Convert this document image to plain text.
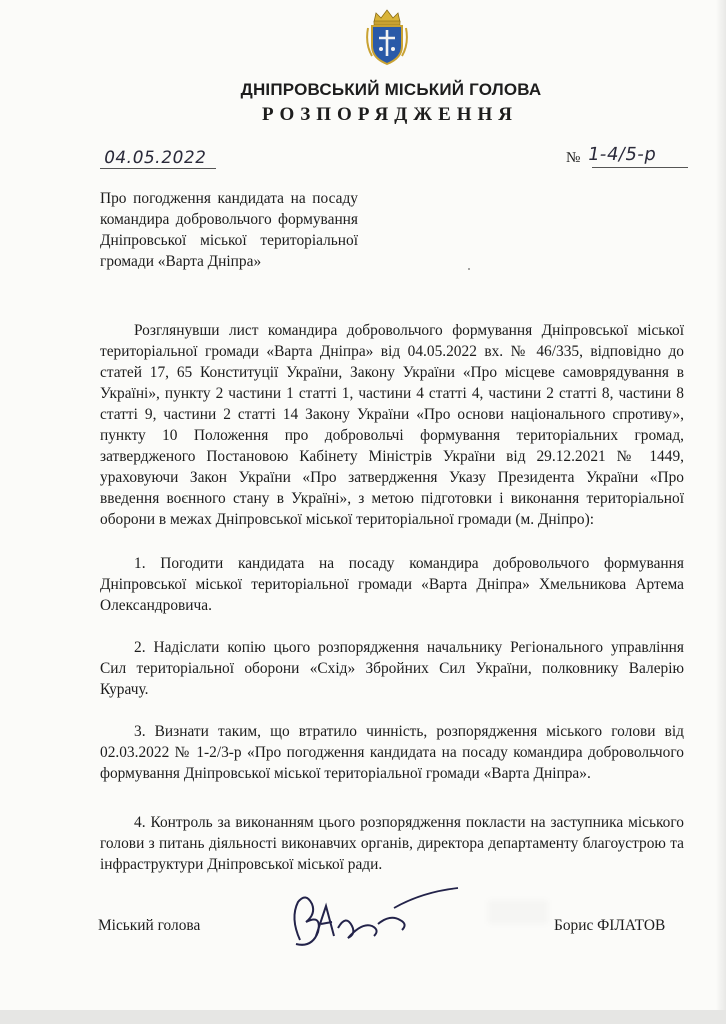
ДНІПРОВСЬКИЙ МІСЬКИЙ ГОЛОВА
РОЗПОРЯДЖЕННЯ
04.05.2022	№ 1-4/5-р
Про погодження кандидата на посаду командира добровольчого формування Дніпровської міської територіальної громади «Варта Дніпра»

Розглянувши лист командира добровольчого формування Дніпровської міської територіальної громади «Варта Дніпра» від 04.05.2022 вх. № 46/335, відповідно до статей 17, 65 Конституції України, Закону України «Про місцеве самоврядування в Україні», пункту 2 частини 1 статті 1, частини 4 статті 4, частини 2 статті 8, частини 8 статті 9, частини 2 статті 14 Закону України «Про основи національного спротиву», пункту 10 Положення про добровольчі формування територіальних громад, затвердженого Постановою Кабінету Міністрів України від 29.12.2021 № 1449, ураховуючи Закон України «Про затвердження Указу Президента України «Про введення воєнного стану в Україні», з метою підготовки і виконання територіальної оборони в межах Дніпровської міської територіальної громади (м. Дніпро):

1. Погодити кандидата на посаду командира добровольчого формування Дніпровської міської територіальної громади «Варта Дніпра» Хмельникова Артема Олександровича.

2. Надіслати копію цього розпорядження начальнику Регіонального управління Сил територіальної оборони «Схід» Збройних Сил України, полковнику Валерію Курачу.

3. Визнати таким, що втратило чинність, розпорядження міського голови від 02.03.2022 № 1-2/3-р «Про погодження кандидата на посаду командира добровольчого формування Дніпровської міської територіальної громади «Варта Дніпра».

4. Контроль за виконанням цього розпорядження покласти на заступника міського голови з питань діяльності виконавчих органів, директора департаменту благоустрою та інфраструктури Дніпровської міської ради.

Міський голова	Борис ФІЛАТОВ
